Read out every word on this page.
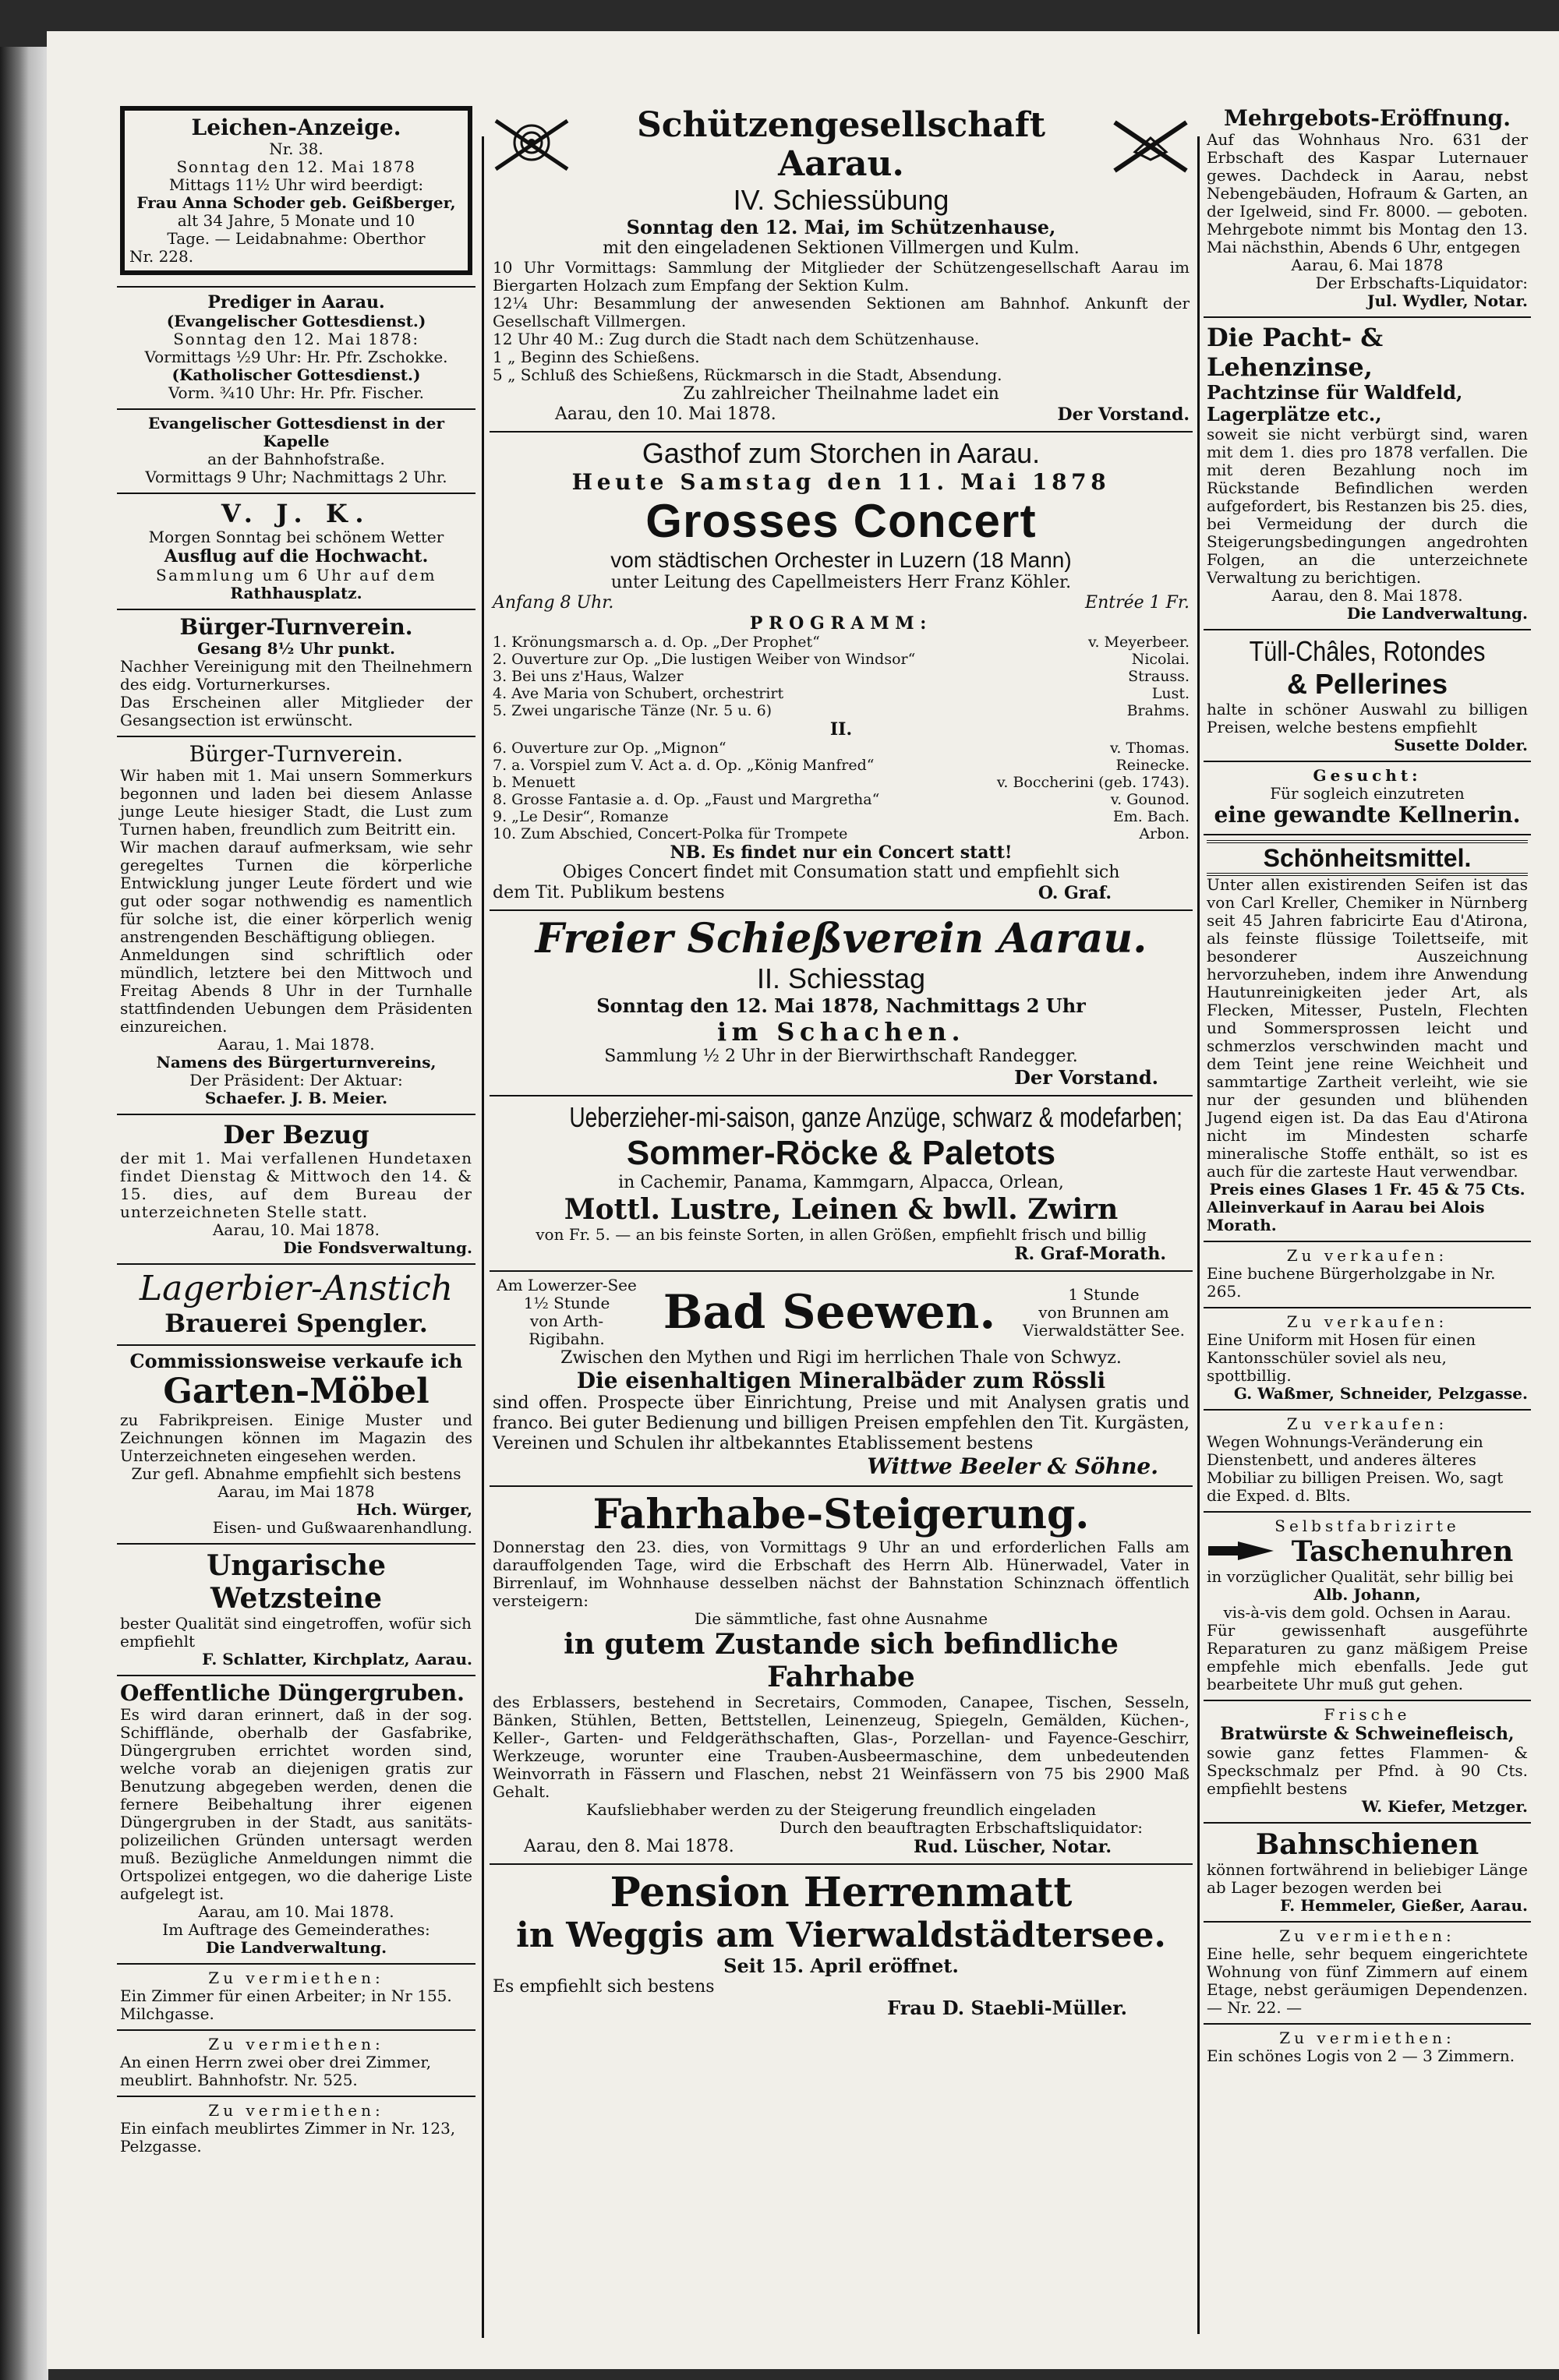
Leichen-Anzeige.
Nr. 38.
Sonntag den 12. Mai 1878
Mittags 11½ Uhr wird beerdigt:
Frau Anna Schoder geb. Geißberger,
alt 34 Jahre, 5 Monate und 10
Tage. — Leidabnahme: Oberthor
Nr. 228.
Prediger in Aarau.
(Evangelischer Gottesdienst.)
Sonntag den 12. Mai 1878:
Vormittags ½9 Uhr: Hr. Pfr. Zschokke.
(Katholischer Gottesdienst.)
Vorm. ¾10 Uhr: Hr. Pfr. Fischer.
Evangelischer Gottesdienst in der Kapelle
an der Bahnhofstraße.
Vormittags 9 Uhr; Nachmittags 2 Uhr.
V. J. K.
Morgen Sonntag bei schönem Wetter
Ausflug auf die Hochwacht.
Sammlung um 6 Uhr auf dem
Rathhausplatz.
Bürger-Turnverein.
Gesang 8½ Uhr punkt.
Nachher Vereinigung mit den Theilnehmern des eidg. Vorturnerkurses.
Das Erscheinen aller Mitglieder der Gesangsection ist erwünscht.
Bürger-Turnverein.
Wir haben mit 1. Mai unsern Sommerkurs begonnen und laden bei diesem Anlasse junge Leute hiesiger Stadt, die Lust zum Turnen haben, freundlich zum Beitritt ein.
Wir machen darauf aufmerksam, wie sehr geregeltes Turnen die körperliche Entwicklung junger Leute fördert und wie gut oder sogar nothwendig es namentlich für solche ist, die einer körperlich wenig anstrengenden Beschäftigung obliegen.
Anmeldungen sind schriftlich oder mündlich, letztere bei den Mittwoch und Freitag Abends 8 Uhr in der Turnhalle stattfindenden Uebungen dem Präsidenten einzureichen.
Aarau, 1. Mai 1878.
Namens des Bürgerturnvereins,
Der Präsident: Der Aktuar:
Schaefer. J. B. Meier.
Der Bezug
der mit 1. Mai verfallenen Hundetaxen findet Dienstag & Mittwoch den 14. & 15. dies, auf dem Bureau der unterzeichneten Stelle statt.
Aarau, 10. Mai 1878.
Die Fondsverwaltung.
Lagerbier-Anstich
Brauerei Spengler.
Commissionsweise verkaufe ich
Garten-Möbel
zu Fabrikpreisen. Einige Muster und Zeichnungen können im Magazin des Unterzeichneten eingesehen werden.
Zur gefl. Abnahme empfiehlt sich bestens
Aarau, im Mai 1878
Hch. Würger,
Eisen- und Gußwaarenhandlung.
Ungarische Wetzsteine
bester Qualität sind eingetroffen, wofür sich empfiehlt
F. Schlatter, Kirchplatz, Aarau.
Oeffentliche Düngergruben.
Es wird daran erinnert, daß in der sog. Schifflände, oberhalb der Gasfabrike, Düngergruben errichtet worden sind, welche vorab an diejenigen gratis zur Benutzung abgegeben werden, denen die fernere Beibehaltung ihrer eigenen Düngergruben in der Stadt, aus sanitäts-polizeilichen Gründen untersagt werden muß. Bezügliche Anmeldungen nimmt die Ortspolizei entgegen, wo die daherige Liste aufgelegt ist.
Aarau, am 10. Mai 1878.
Im Auftrage des Gemeinderathes:
Die Landverwaltung.
Zu vermiethen:
Ein Zimmer für einen Arbeiter; in Nr 155. Milchgasse.
Zu vermiethen:
An einen Herrn zwei ober drei Zimmer, meublirt. Bahnhofstr. Nr. 525.
Zu vermiethen:
Ein einfach meublirtes Zimmer in Nr. 123, Pelzgasse.
Schützengesellschaft Aarau.
IV. Schiessübung
Sonntag den 12. Mai, im Schützenhause,
mit den eingeladenen Sektionen Villmergen und Kulm.
10 Uhr Vormittags: Sammlung der Mitglieder der Schützengesellschaft Aarau im Biergarten Holzach zum Empfang der Sektion Kulm.
12¼ Uhr: Besammlung der anwesenden Sektionen am Bahnhof. Ankunft der Gesellschaft Villmergen.
12 Uhr 40 M.: Zug durch die Stadt nach dem Schützenhause.
1 „ Beginn des Schießens.
5 „ Schluß des Schießens, Rückmarsch in die Stadt, Absendung.
Zu zahlreicher Theilnahme ladet ein
Aarau, den 10. Mai 1878.	Der Vorstand.
Gasthof zum Storchen in Aarau.
Heute Samstag den 11. Mai 1878
Grosses Concert
vom städtischen Orchester in Luzern (18 Mann)
unter Leitung des Capellmeisters Herr Franz Köhler.
Anfang 8 Uhr.	Entrée 1 Fr.
PROGRAMM:
1. Krönungsmarsch a. d. Op. „Der Prophet“	v. Meyerbeer.
2. Ouverture zur Op. „Die lustigen Weiber von Windsor“	Nicolai.
3. Bei uns z'Haus, Walzer	Strauss.
4. Ave Maria von Schubert, orchestrirt	Lust.
5. Zwei ungarische Tänze (Nr. 5 u. 6)	Brahms.
II.
6. Ouverture zur Op. „Mignon“	v. Thomas.
7. a. Vorspiel zum V. Act a. d. Op. „König Manfred“	Reinecke.
b. Menuett	v. Boccherini (geb. 1743).
8. Grosse Fantasie a. d. Op. „Faust und Margretha“	v. Gounod.
9. „Le Desir“, Romanze	Em. Bach.
10. Zum Abschied, Concert-Polka für Trompete	Arbon.
NB. Es findet nur ein Concert statt!
Obiges Concert findet mit Consumation statt und empfiehlt sich
dem Tit. Publikum bestens	O. Graf.
Freier Schießverein Aarau.
II. Schiesstag
Sonntag den 12. Mai 1878, Nachmittags 2 Uhr
im Schachen.
Sammlung ½ 2 Uhr in der Bierwirthschaft Randegger.
Der Vorstand.
Ueberzieher-mi-saison, ganze Anzüge, schwarz & modefarben;
Sommer-Röcke & Paletots
in Cachemir, Panama, Kammgarn, Alpacca, Orlean,
Mottl. Lustre, Leinen & bwll. Zwirn
von Fr. 5. — an bis feinste Sorten, in allen Größen, empfiehlt frisch und billig
R. Graf-Morath.
Am Lowerzer-See
1½ Stunde
von Arth-Rigibahn.	Bad Seewen.	1 Stunde
von Brunnen am
Vierwaldstätter See.
Zwischen den Mythen und Rigi im herrlichen Thale von Schwyz.
Die eisenhaltigen Mineralbäder zum Rössli
sind offen. Prospecte über Einrichtung, Preise und mit Analysen gratis und franco. Bei guter Bedienung und billigen Preisen empfehlen den Tit. Kurgästen, Vereinen und Schulen ihr altbekanntes Etablissement bestens
Wittwe Beeler & Söhne.
Fahrhabe-Steigerung.
Donnerstag den 23. dies, von Vormittags 9 Uhr an und erforderlichen Falls am darauffolgenden Tage, wird die Erbschaft des Herrn Alb. Hünerwadel, Vater in Birrenlauf, im Wohnhause desselben nächst der Bahnstation Schinznach öffentlich versteigern:
Die sämmtliche, fast ohne Ausnahme
in gutem Zustande sich befindliche Fahrhabe
des Erblassers, bestehend in Secretairs, Commoden, Canapee, Tischen, Sesseln, Bänken, Stühlen, Betten, Bettstellen, Leinenzeug, Spiegeln, Gemälden, Küchen-, Keller-, Garten- und Feldgeräthschaften, Glas-, Porzellan- und Fayence-Geschirr, Werkzeuge, worunter eine Trauben-Ausbeermaschine, dem unbedeutenden Weinvorrath in Fässern und Flaschen, nebst 21 Weinfässern von 75 bis 2900 Maß Gehalt.
Kaufsliebhaber werden zu der Steigerung freundlich eingeladen
Durch den beauftragten Erbschaftsliquidator:
Aarau, den 8. Mai 1878.	Rud. Lüscher, Notar.
Pension Herrenmatt
in Weggis am Vierwaldstädtersee.
Seit 15. April eröffnet.
Es empfiehlt sich bestens
Frau D. Staebli-Müller.
Mehrgebots-Eröffnung.
Auf das Wohnhaus Nro. 631 der Erbschaft des Kaspar Luternauer gewes. Dachdeck in Aarau, nebst Nebengebäuden, Hofraum & Garten, an der Igelweid, sind Fr. 8000. — geboten. Mehrgebote nimmt bis Montag den 13. Mai nächsthin, Abends 6 Uhr, entgegen
Aarau, 6. Mai 1878
Der Erbschafts-Liquidator:
Jul. Wydler, Notar.
Die Pacht- & Lehenzinse,
Pachtzinse für Waldfeld, Lagerplätze etc.,
soweit sie nicht verbürgt sind, waren mit dem 1. dies pro 1878 verfallen. Die mit deren Bezahlung noch im Rückstande Befindlichen werden aufgefordert, bis Restanzen bis 25. dies, bei Vermeidung der durch die Steigerungsbedingungen angedrohten Folgen, an die unterzeichnete Verwaltung zu berichtigen.
Aarau, den 8. Mai 1878.
Die Landverwaltung.
Tüll-Châles, Rotondes
& Pellerines
halte in schöner Auswahl zu billigen Preisen, welche bestens empfiehlt
Susette Dolder.
Gesucht:
Für sogleich einzutreten
eine gewandte Kellnerin.
Schönheitsmittel.
Unter allen existirenden Seifen ist das von Carl Kreller, Chemiker in Nürnberg seit 45 Jahren fabricirte Eau d'Atirona, als feinste flüssige Toilettseife, mit besonderer Auszeichnung hervorzuheben, indem ihre Anwendung Hautunreinigkeiten jeder Art, als Flecken, Mitesser, Pusteln, Flechten und Sommersprossen leicht und schmerzlos verschwinden macht und dem Teint jene reine Weichheit und sammtartige Zartheit verleiht, wie sie nur der gesunden und blühenden Jugend eigen ist. Da das Eau d'Atirona nicht im Mindesten scharfe mineralische Stoffe enthält, so ist es auch für die zarteste Haut verwendbar.
Preis eines Glases 1 Fr. 45 & 75 Cts.
Alleinverkauf in Aarau bei Alois Morath.
Zu verkaufen:
Eine buchene Bürgerholzgabe in Nr. 265.
Zu verkaufen:
Eine Uniform mit Hosen für einen Kantonsschüler soviel als neu, spottbillig.
G. Waßmer, Schneider, Pelzgasse.
Zu verkaufen:
Wegen Wohnungs-Veränderung ein Dienstenbett, und anderes älteres Mobiliar zu billigen Preisen. Wo, sagt die Exped. d. Blts.
Selbstfabrizirte
Taschenuhren
in vorzüglicher Qualität, sehr billig bei
Alb. Johann,
vis-à-vis dem gold. Ochsen in Aarau.
Für gewissenhaft ausgeführte Reparaturen zu ganz mäßigem Preise empfehle mich ebenfalls. Jede gut bearbeitete Uhr muß gut gehen.
Frische
Bratwürste & Schweinefleisch,
sowie ganz fettes Flammen- & Speckschmalz per Pfnd. à 90 Cts. empfiehlt bestens
W. Kiefer, Metzger.
Bahnschienen
können fortwährend in beliebiger Länge ab Lager bezogen werden bei
F. Hemmeler, Gießer, Aarau.
Zu vermiethen:
Eine helle, sehr bequem eingerichtete Wohnung von fünf Zimmern auf einem Etage, nebst geräumigen Dependenzen. — Nr. 22. —
Zu vermiethen:
Ein schönes Logis von 2 — 3 Zimmern.
